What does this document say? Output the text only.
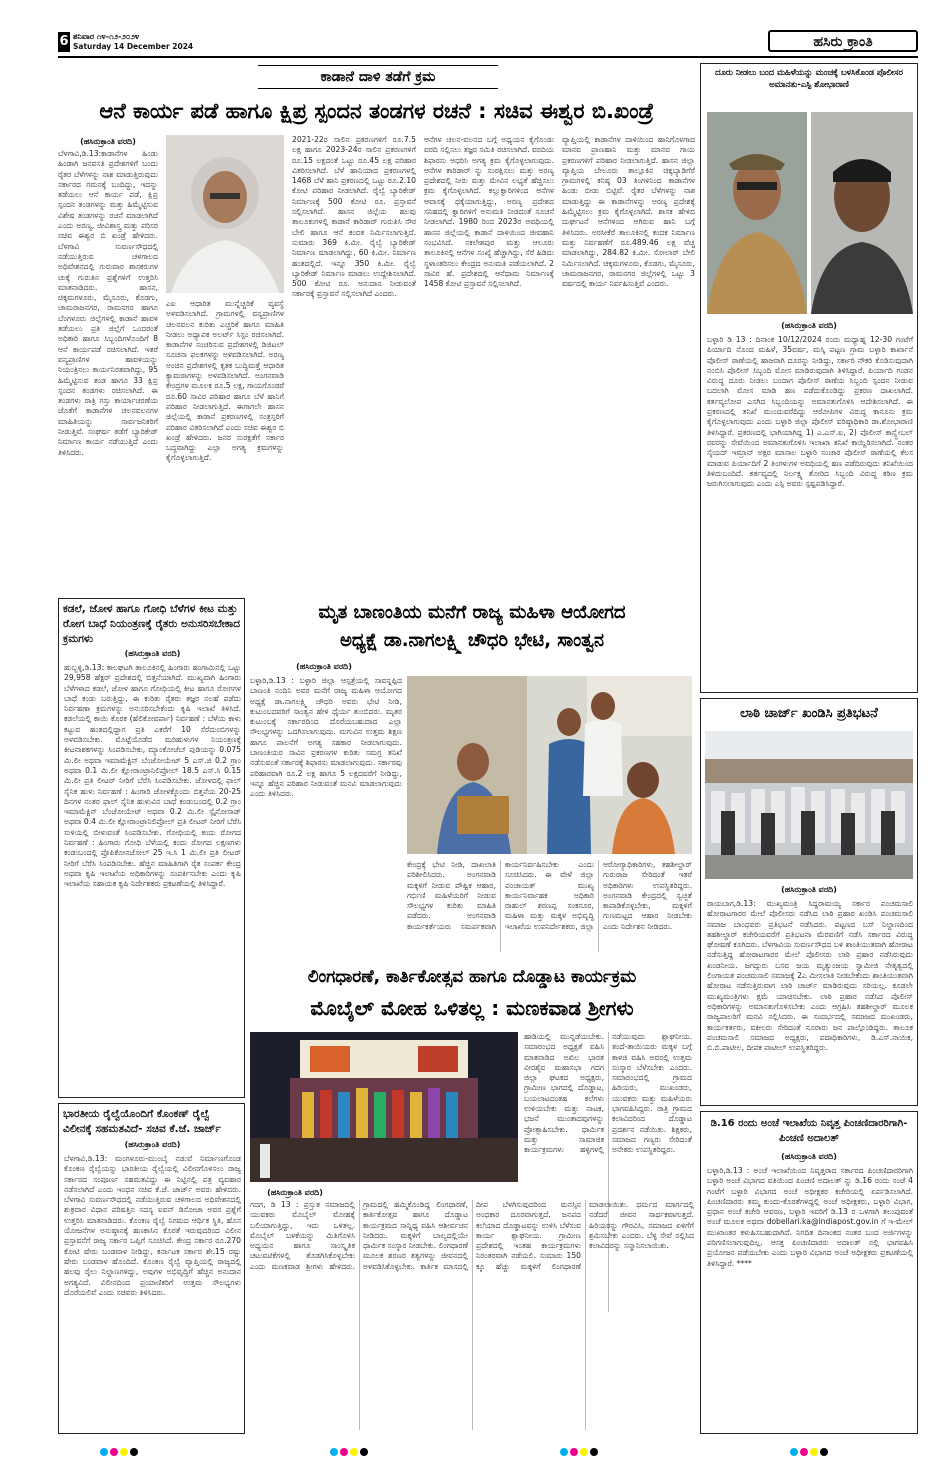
6 ಶನಿವಾರ ೧೪-೧೨-೨೦೨೪
Saturday 14 December 2024	ಹಸಿರು ಕ್ರಾಂತಿ
ಕಾಡಾನೆ ದಾಳಿ ತಡೆಗೆ ಕ್ರಮ
ಆನೆ ಕಾರ್ಯ ಪಡೆ ಹಾಗೂ ಕ್ಷಿಪ್ರ ಸ್ಪಂದನ ತಂಡಗಳ ರಚನೆ : ಸಚಿವ ಈಶ್ವರ ಬಿ.ಖಂಡ್ರೆ
(ಹಸಿರುಕ್ರಾಂತಿ ವರದಿ)
ಬೆಳಗಾವಿ,ಡಿ.13:ಕಾಡಾನೆಗಳ ಹಿಂಡು ಹಿಂಡಾಗಿ ಜನವಸತಿ ಪ್ರದೇಶಗಳಿಗೆ ಬಂದು ರೈತರ ಬೆಳೆಗಳನ್ನು ನಾಶ ಮಾಡುತ್ತಿರುವುದು ಸರ್ಕಾರದ ಗಮನಕ್ಕೆ ಬಂದಿದ್ದು, ಇದನ್ನು ತಡೆಯಲು ಆನೆ ಕಾರ್ಯ ಪಡೆ, ಕ್ಷಿಪ್ರ ಸ್ಪಂದನ ತಂಡಗಳನ್ನು ಮತ್ತು ಹಿಮ್ಮೆಟ್ಟಿಸುವ ವಿಶೇಷ ತಂಡಗಳನ್ನು ರಚನೆ ಮಾಡಲಾಗಿದೆ ಎಂದು ಅರಣ್ಯ, ಜೀವಿಶಾಸ್ತ್ರ ಮತ್ತು ಪರಿಸರ ಸಚಿವ ಈಶ್ವರ ಬಿ ಖಂಡ್ರೆ ಹೇಳಿದರು. ಬೆಳಗಾವಿ ಸುವರ್ಣಸೌಧದಲ್ಲಿ ನಡೆಯುತ್ತಿರುವ ಚಳಿಗಾಲದ ಅಧಿವೇಶನದಲ್ಲಿ ಗುರುವಾರ ಶಾಸಕರುಗಳ ಚುಕ್ಕೆ ಗುರುತಿನ ಪ್ರಶ್ನೆಗಳಿಗೆ ಉತ್ತರಿಸಿ ಮಾತನಾಡಿದರು. ಹಾಸನ, ಚಿಕ್ಕಮಗಳೂರು, ಮೈಸೂರು, ಕೊಡಗು, ಚಾಮರಾಜನಗರ, ರಾಮನಗರ ಹಾಗೂ ಬೆಂಗಳೂರು ಜಿಲ್ಲೆಗಳಲ್ಲಿ ಕಾಡಾನೆ ಹಾವಳಿ ತಡೆಯಲು ಪ್ರತಿ ಜಿಲ್ಲೆಗೆ ಒಂದರಂತೆ ಅಧಿಕಾರಿ ಹಾಗೂ ಸಿಬ್ಬಂದಿಗಳೊಂದಿಗೆ 8 ಆನೆ ಕಾರ್ಯಪಡೆ ರಚಿಸಲಾಗಿದೆ. ಇತರೆ ವನ್ಯಪ್ರಾಣಿಗಳ ಹಾವಳಿಯನ್ನು ನಿಯಂತ್ರಿಸಲು ಕಾರ್ಯನಿರತವಾಗಿದ್ದು, 95 ಹಿಮ್ಮೆಟ್ಟಿಸುವ ತಂಡ ಹಾಗೂ 33 ಕ್ಷಿಪ್ರ ಸ್ಪಂದನ ತಂಡಗಳು ರಚಿಸಲಾಗಿದೆ. ಈ ತಂಡಗಳು ರಾತ್ರಿ ಗಸ್ತು ಕಾರ್ಯಾಚರಣೆಯ ಜೊತೆಗೆ ಕಾಡಾನೆಗಳ ಚಲನವಲನಗಳ ಮಾಹಿತಿಯನ್ನು ಸಾರ್ವಜನಿಕರಿಗೆ ನೀಡುತ್ತಿವೆ. ಸಂಘರ್ಷ ತಡೆಗೆ ಬ್ಯಾರಿಕೇಡ್ ನಿರ್ಮಾಣ ಕಾರ್ಯ ನಡೆಯುತ್ತಿದೆ ಎಂದು ತಿಳಿಸಿದರು.
ಎಐ ಆಧಾರಿತ ಮುನ್ನೆಚ್ಚರಿಕೆ ವ್ಯವಸ್ಥೆ ಅಳವಡಿಸಲಾಗಿದೆ. ಗ್ರಾಮಗಳಲ್ಲಿ ವನ್ಯಪ್ರಾಣಿಗಳ ಚಲನವಲನ ಕುರಿತು ಎಚ್ಚರಿಕೆ ಹಾಗೂ ಮಾಹಿತಿ ನೀಡಲು ಅಧ್ಯಾಪಕ ಅಲರ್ಟ್ ಸಿಸ್ಟಂ ರಚಿಸಲಾಗಿದೆ. ಕಾಡಾನೆಗಳ ಸಂಚರಿಸುವ ಪ್ರದೇಶಗಳಲ್ಲಿ ಡಿಜಿಟಲ್ ಸೂಚನಾ ಫಲಕಗಳನ್ನು ಅಳವಡಿಸಲಾಗಿದೆ. ಅರಣ್ಯ ಅಂಚಿನ ಪ್ರದೇಶಗಳಲ್ಲಿ ಕೃತಕ ಬುದ್ಧಿಮತ್ತೆ ಆಧಾರಿತ ಕ್ಯಾಮರಾಗಳನ್ನು ಅಳವಡಿಸಲಾಗಿದೆ. ಅಂಗನವಾಡಿ ಕೇಂದ್ರಗಳ ಮೂಲಕ ರೂ.5 ಲಕ್ಷ, ಗಾಯಗೊಂಡರೆ ರೂ.60 ಸಾವಿರ ಪರಿಹಾರ ಹಾಗೂ ಬೆಳೆ ಹಾನಿಗೆ ಪರಿಹಾರ ನೀಡಲಾಗುತ್ತಿದೆ. ಈಗಾಗಲೇ ಹಾಸನ ಜಿಲ್ಲೆಯಲ್ಲಿ ಕಾಡಾನೆ ಪ್ರಕರಣಗಳಲ್ಲಿ ಸಂತ್ರಸ್ತರಿಗೆ ಪರಿಹಾರ ವಿತರಿಸಲಾಗಿದೆ ಎಂದು ಸಚಿವ ಈಶ್ವರ ಬಿ ಖಂಡ್ರೆ ಹೇಳಿದರು. ಜನರ ಸುರಕ್ಷತೆಗೆ ಸರ್ಕಾರ ಬದ್ಧವಾಗಿದ್ದು ಎಲ್ಲಾ ಅಗತ್ಯ ಕ್ರಮಗಳನ್ನು ಕೈಗೊಳ್ಳಲಾಗುತ್ತಿದೆ.
2021-22ರ ಸಾಲಿನ ಪ್ರಕರಣಗಳಿಗೆ ರೂ.7.5 ಲಕ್ಷ ಹಾಗೂ 2023-24ರ ಸಾಲಿನ ಪ್ರಕರಣಗಳಿಗೆ ರೂ.15 ಲಕ್ಷದಂತೆ ಒಟ್ಟು ರೂ.45 ಲಕ್ಷ ಪರಿಹಾರ ವಿತರಿಸಲಾಗಿದೆ. ಬೆಳೆ ಹಾನಿಯಾದ ಪ್ರಕರಣಗಳಲ್ಲಿ 1468 ಬೆಳೆ ಹಾನಿ ಪ್ರಕರಣದಲ್ಲಿ ಒಟ್ಟು ರೂ.2.10 ಕೋಟಿ ಪರಿಹಾರ ನೀಡಲಾಗಿದೆ. ರೈಲ್ವೆ ಬ್ಯಾರಿಕೇಡ್ ನಿರ್ಮಾಣಕ್ಕೆ 500 ಕೋಟಿ ರೂ. ಪ್ರಸ್ತಾವನೆ ಸಲ್ಲಿಸಲಾಗಿದೆ. ಹಾಸನ ಜಿಲ್ಲೆಯ ಹಲವು ತಾಲೂಕುಗಳಲ್ಲಿ ಕಾಡಾನೆ ಕಾರಿಡಾರ್ ಗುರುತಿಸಿ ಸೌರ ಬೇಲಿ ಹಾಗೂ ಆನೆ ಕಂದಕ ನಿರ್ಮಿಸಲಾಗುತ್ತಿದೆ. ಸುಮಾರು 369 ಕಿ.ಮೀ. ರೈಲ್ವೆ ಬ್ಯಾರಿಕೇಡ್ ನಿರ್ಮಾಣ ಮಾಡಲಾಗಿದ್ದು, 60 ಕಿ.ಮೀ. ನಿರ್ಮಾಣ ಹಂತದಲ್ಲಿದೆ. ಇನ್ನೂ 350 ಕಿ.ಮೀ. ರೈಲ್ವೆ ಬ್ಯಾರಿಕೇಡ್ ನಿರ್ಮಾಣ ಮಾಡಲು ಉದ್ದೇಶಿಸಲಾಗಿದೆ. 500 ಕೋಟಿ ರೂ. ಅನುದಾನ ನೀಡುವಂತೆ ಸರ್ಕಾರಕ್ಕೆ ಪ್ರಸ್ತಾವನೆ ಸಲ್ಲಿಸಲಾಗಿದೆ ಎಂದರು.
ಆನೆಗಳ ಚಲನ-ವಲನದ ಬಗ್ಗೆ ಅಧ್ಯಯನ ಕೈಗೊಂಡು ವರದಿ ಸಲ್ಲಿಸಲು ತಜ್ಞರ ಸಮಿತಿ ರಚಿಸಲಾಗಿದೆ. ವರದಿಯ ಶಿಫಾರಸು ಆಧರಿಸಿ ಅಗತ್ಯ ಕ್ರಮ ಕೈಗೊಳ್ಳಲಾಗುವುದು. ಆನೆಗಳ ಕಾರಿಡಾರ್ ನ್ನು ಸಂರಕ್ಷಿಸಲು ಮತ್ತು ಅರಣ್ಯ ಪ್ರದೇಶದಲ್ಲಿ ನೀರು ಮತ್ತು ಮೇವಿನ ಲಭ್ಯತೆ ಹೆಚ್ಚಿಸಲು ಕ್ರಮ ಕೈಗೊಳ್ಳಲಾಗಿದೆ. ಕಲ್ಲುಕ್ವಾರಿಗಳಿಂದ ಆನೆಗಳ ಆವಾಸಕ್ಕೆ ಧಕ್ಕೆಯಾಗುತ್ತಿದ್ದು, ಅರಣ್ಯ ಪ್ರದೇಶದ ಸನಿಹದಲ್ಲಿ ಕ್ವಾರಿಗಳಿಗೆ ಅನುಮತಿ ನೀಡದಂತೆ ಸೂಚನೆ ನೀಡಲಾಗಿದೆ. 1980 ರಿಂದ 2023ರ ಅವಧಿಯಲ್ಲಿ ಹಾಸನ ಜಿಲ್ಲೆಯಲ್ಲಿ ಕಾಡಾನೆ ದಾಳಿಯಿಂದ ಜೀವಹಾನಿ ಸಂಭವಿಸಿದೆ. ಸಕಲೇಶಪುರ ಮತ್ತು ಆಲೂರು ತಾಲೂಕಿನಲ್ಲಿ ಆನೆಗಳ ಸಂಖ್ಯೆ ಹೆಚ್ಚಾಗಿದ್ದು, ಸೆರೆ ಹಿಡಿದು ಸ್ಥಳಾಂತರಿಸಲು ಕೇಂದ್ರದ ಅನುಮತಿ ಪಡೆಯಲಾಗಿದೆ. 2 ಸಾವಿರ ಹೆ. ಪ್ರದೇಶದಲ್ಲಿ ಆನೆಧಾಮ ನಿರ್ಮಾಣಕ್ಕೆ 1458 ಕೋಟಿ ಪ್ರಸ್ತಾವನೆ ಸಲ್ಲಿಸಲಾಗಿದೆ.
ವ್ಯಾಪ್ತಿಯಲ್ಲಿ ಕಾಡಾನೆಗಳ ದಾಳಿಯಿಂದ ಹಾನಿಗೊಳಗಾದ ಮಾನವ ಪ್ರಾಣಹಾನಿ ಮತ್ತು ಮಾನವ ಗಾಯ ಪ್ರಕರಣಗಳಿಗೆ ಪರಿಹಾರ ನೀಡಲಾಗುತ್ತಿದೆ. ಹಾಸನ ಜಿಲ್ಲಾ ವ್ಯಾಪ್ತಿಯ ಬೇಲೂರು ತಾಲ್ಲೂಕಿನ ಚಿಕ್ಕಬ್ಯಾಡಿಗೆರೆ ಗ್ರಾಮಗಳಲ್ಲಿ ಕನಿಷ್ಠ 03 ತಿಂಗಳಿನಿಂದ ಕಾಡಾನೆಗಳ ಹಿಂಡು ಬೀಡು ಬಿಟ್ಟಿವೆ. ರೈತರ ಬೆಳೆಗಳನ್ನು ನಾಶ ಮಾಡುತ್ತಿದ್ದು ಈ ಕಾಡಾನೆಗಳನ್ನು ಅರಣ್ಯ ಪ್ರದೇಶಕ್ಕೆ ಹಿಮ್ಮೆಟ್ಟಿಸಲು ಕ್ರಮ ಕೈಗೊಳ್ಳಲಾಗಿದೆ. ಶಾಸಕ ಹೇಳಿದ ದುರ್ಘಟನೆ ಆನೆಗಳಿಂದ ಆಗಿರುವ ಹಾನಿ ಬಗ್ಗೆ ತಿಳಿಸಿದರು. ಅರಸೀಕೆರೆ ತಾಲೂಕಿನಲ್ಲಿ ಕಂದಕ ನಿರ್ಮಾಣ ಮತ್ತು ನಿರ್ವಹಣೆಗೆ ರೂ.489.46 ಲಕ್ಷ ವೆಚ್ಚ ಮಾಡಲಾಗಿದ್ದು, 284.82 ಕಿ.ಮೀ. ಸೋಲಾರ್ ಬೇಲಿ ನಿರ್ಮಿಸಲಾಗಿದೆ. ಚಿಕ್ಕಮಗಳೂರು, ಕೊಡಗು, ಮೈಸೂರು, ಚಾಮರಾಜನಗರ, ರಾಮನಗರ ಜಿಲ್ಲೆಗಳಲ್ಲಿ ಒಟ್ಟು 3 ವರ್ಷದಲ್ಲಿ ಕಾರ್ಯ ನಿರ್ವಹಿಸುತ್ತಿವೆ ಎಂದರು.
ದೂರು ನೀಡಲು ಬಂದ ಮಹಿಳೆಯನ್ನು ಮಂಚಕ್ಕೆ ಬಳಸಿಕೊಂಡ ಪೊಲೀಸರ ಅಮಾನತು-ಎಸ್ಪಿ ಶೋಭಾರಾಣಿ
(ಹಸಿರುಕ್ರಾಂತಿ ವರದಿ)
ಬಳ್ಳಾರಿ ಡಿ 13 : ದಿನಾಂಕ 10/12/2024 ರಂದು ಮಧ್ಯಾಹ್ನ 12-30 ಗಂಟೆಗೆ ಪಿರ್ಯಾದಿ ನೊಂದ ಮಹಿಳೆ, 35ವರ್ಷ, ಮಸ್ಕಿ ಪಟ್ಟಣ ಗ್ರಾಮ ಬಳ್ಳಾರಿ ಕಾರ್ಖಾನೆ ಪೊಲೀಸ್ ಠಾಣೆಯಲ್ಲಿ ಹಾಜರಾಗಿ ದೂರನ್ನು ನೀಡಿದ್ದು, ಸರ್ಕಾರಿ ನೌಕರಿ ಕೊಡಿಸುವುದಾಗಿ ನಂಬಿಸಿ ಪೊಲೀಸ್ ಸಿಬ್ಬಂದಿ ಮೋಸ ಮಾಡಿರುವುದಾಗಿ ತಿಳಿಸಿದ್ದಾರೆ. ಪಿರ್ಯಾದಿ ಗಂಡನ ವಿರುದ್ಧ ದೂರು ನೀಡಲು ಬಂದಾಗ ಪೊಲೀಸ್ ಠಾಣೆಯ ಸಿಬ್ಬಂದಿ ಸ್ಪಂದನ ನೀಡುವ ಬದಲಾಗಿ ಮೋಸ ಮಾಡಿ ಹಣ ಪಡೆದುಕೊಂಡಿದ್ದು ಪ್ರಕರಣ ದಾಖಲಾಗಿದೆ. ಕರ್ತವ್ಯಲೋಪ ಎಸಗಿದ ಸಿಬ್ಬಂದಿಯನ್ನು ಅಮಾನತುಗೊಳಿಸಿ ಆದೇಶಿಸಲಾಗಿದೆ. ಈ ಪ್ರಕರಣದಲ್ಲಿ ತನಿಖೆ ಮುಂದುವರೆದಿದ್ದು ಆರೋಪಿಗಳ ವಿರುದ್ಧ ಕಾನೂನು ಕ್ರಮ ಕೈಗೊಳ್ಳಲಾಗುವುದು ಎಂದು ಬಳ್ಳಾರಿ ಜಿಲ್ಲಾ ಪೊಲೀಸ್ ವರಿಷ್ಠಾಧಿಕಾರಿ ಡಾ.ಶೋಭಾರಾಣಿ ತಿಳಿಸಿದ್ದಾರೆ. ಪ್ರಕರಣದಲ್ಲಿ ಭಾಗಿಯಾಗಿದ್ದ 1) ಎ.ಎಸ್.ಐ, 2) ಪೊಲೀಸ್ ಕಾನ್ಸ್ಟೇಬಲ್ ರವರನ್ನು ಸೇವೆಯಿಂದ ಅಮಾನತುಗೊಳಿಸಿ ಇಲಾಖಾ ತನಿಖೆ ಕಾಯ್ದಿರಿಸಲಾಗಿದೆ. ನಂತರ ಸೈಯದ್ ಇಮ್ರಾನ್ ಅಕ್ಷರ ಮಾಸಾಲ ಬಳ್ಳಾರಿ ಸಂಚಾರ ಪೊಲೀಸ್ ಠಾಣೆಯಲ್ಲಿ ಕೆಲಸ ಮಾಡುವ ಪಿರ್ಯಾದಿಗೆ 2 ತಿಂಗಳುಗಳ ಅವಧಿಯಲ್ಲಿ ಹಣ ಪಡೆದಿರುವುದು ತನಿಖೆಯಿಂದ ತಿಳಿದುಬಂದಿದೆ. ಕರ್ತವ್ಯದಲ್ಲಿ ನಿರ್ಲಕ್ಷ್ಯ ತೋರಿದ ಸಿಬ್ಬಂದಿ ವಿರುದ್ಧ ಕಠಿಣ ಕ್ರಮ ಜರುಗಿಸಲಾಗುವುದು ಎಂದು ಎಸ್ಪಿ ಅವರು ಸ್ಪಷ್ಟಪಡಿಸಿದ್ದಾರೆ.
ಲಾಠಿ ಚಾರ್ಜ್ ಖಂಡಿಸಿ ಪ್ರತಿಭಟನೆ
(ಹಸಿರುಕ್ರಾಂತಿ ವರದಿ)
ರಾಯಬಾಗ,ಡಿ.13: ಮುಖ್ಯಮಂತ್ರಿ ಸಿದ್ದರಾಮಯ್ಯ ಸರ್ಕಾರ ಪಂಚಮಸಾಲಿ ಹೋರಾಟಗಾರರ ಮೇಲೆ ಪೊಲೀಸರು ನಡೆಸಿದ ಲಾಠಿ ಪ್ರಹಾರ ಖಂಡಿಸಿ ಪಂಚಮಸಾಲಿ ಸಮಾಜ ಬಾಂಧವರು ಪ್ರತಿಭಟನೆ ನಡೆಸಿದರು. ಪಟ್ಟಣದ ಬಸ್ ನಿಲ್ದಾಣದಿಂದ ತಹಶೀಲ್ದಾರ್ ಕಚೇರಿಯವರೆಗೆ ಪ್ರತಿಭಟನಾ ಮೆರವಣಿಗೆ ನಡೆಸಿ ಸರ್ಕಾರದ ವಿರುದ್ಧ ಘೋಷಣೆ ಕೂಗಿದರು. ಬೆಳಗಾವಿಯ ಸುವರ್ಣಸೌಧದ ಬಳಿ ಶಾಂತಿಯುತವಾಗಿ ಹೋರಾಟ ನಡೆಸುತ್ತಿದ್ದ ಹೋರಾಟಗಾರರ ಮೇಲೆ ಪೊಲೀಸರು ಲಾಠಿ ಪ್ರಹಾರ ನಡೆಸಿರುವುದು ಖಂಡನೀಯ. ಜಗದ್ಗುರು ಬಸವ ಜಯ ಮೃತ್ಯುಂಜಯ ಸ್ವಾಮೀಜಿ ನೇತೃತ್ವದಲ್ಲಿ ಲಿಂಗಾಯತ ಪಂಚಮಸಾಲಿ ಸಮಾಜಕ್ಕೆ 2ಎ ಮೀಸಲಾತಿ ನೀಡಬೇಕೆಂದು ಶಾಂತಿಯುತವಾಗಿ ಹೋರಾಟ ನಡೆಸುತ್ತಿರುವಾಗ ಲಾಠಿ ಚಾರ್ಜ್ ಮಾಡಿರುವುದು ಸರಿಯಲ್ಲ. ಕೂಡಲೇ ಮುಖ್ಯಮಂತ್ರಿಗಳು ಕ್ಷಮೆ ಯಾಚಿಸಬೇಕು. ಲಾಠಿ ಪ್ರಹಾರ ನಡೆಸಿದ ಪೊಲೀಸ್ ಅಧಿಕಾರಿಗಳನ್ನು ಅಮಾನತುಗೊಳಿಸಬೇಕು ಎಂದು ಆಗ್ರಹಿಸಿ ತಹಶೀಲ್ದಾರ್ ಮೂಲಕ ರಾಜ್ಯಪಾಲರಿಗೆ ಮನವಿ ಸಲ್ಲಿಸಿದರು. ಈ ಸಂದರ್ಭದಲ್ಲಿ ಸಮಾಜದ ಮುಖಂಡರು, ಕಾರ್ಯಕರ್ತರು, ವಕೀಲರು ಸೇರಿದಂತೆ ನೂರಾರು ಜನ ಪಾಲ್ಗೊಂಡಿದ್ದರು. ತಾಲೂಕ ಪಂಚಮಸಾಲಿ ಸಮಾಜದ ಅಧ್ಯಕ್ಷರು, ಪದಾಧಿಕಾರಿಗಳು, ಡಿ.ಎಸ್.ನಾಯಿಕ, ಬಿ.ಬಿ.ಪಾಟೀಲ, ದೀಪಕ ಪಾಟೀಲ್ ಉಪಸ್ಥಿತರಿದ್ದರು.
ಡಿ.16 ರಂದು ಅಂಚೆ ಇಲಾಖೆಯ ನಿವೃತ್ತ ಪಿಂಚಣಿದಾರರಿಗಾಗಿ-ಪಿಂಚಣಿ ಅದಾಲತ್
(ಹಸಿರುಕ್ರಾಂತಿ ವರದಿ)
ಬಳ್ಳಾರಿ,ಡಿ.13 : ಅಂಚೆ ಇಲಾಖೆಯಿಂದ ನಿವೃತ್ತರಾದ ಸರ್ಕಾರದ ಪಿಂಚಣಿದಾರರಿಗಾಗಿ ಬಳ್ಳಾರಿ ಅಂಚೆ ವಿಭಾಗದ ವತಿಯಿಂದ ಪಿಂಚಣಿ ಅದಾಲತ್ ನ್ನು ಡಿ.16 ರಂದು ಸಂಜೆ 4 ಗಂಟೆಗೆ ಬಳ್ಳಾರಿ ವಿಭಾಗದ ಅಂಚೆ ಅಧೀಕ್ಷಕರ ಕಚೇರಿಯಲ್ಲಿ ಏರ್ಪಡಿಸಲಾಗಿದೆ. ಪಿಂಚಣಿದಾರರು ತಮ್ಮ ಕುಂದು-ಕೊರತೆಗಳಿದ್ದಲ್ಲಿ ಅಂಚೆ ಅಧೀಕ್ಷಕರು, ಬಳ್ಳಾರಿ ವಿಭಾಗ, ಪ್ರಧಾನ ಅಂಚೆ ಕಚೇರಿ ಆವರಣ, ಬಳ್ಳಾರಿ ಇವರಿಗೆ ಡಿ.13 ರ ಒಳಗಾಗಿ ತಲುಪುವಂತೆ ಅಂಚೆ ಮೂಲಕ ಅಥವಾ dobellari.ka@indiapost.gov.in ಗೆ ಇ-ಮೇಲ್ ಮುಖಾಂತರ ಕಳುಹಿಸಬಹುದಾಗಿದೆ. ನಿಗದಿತ ದಿನಾಂಕದ ನಂತರ ಬಂದ ಅರ್ಜಿಗಳನ್ನು ಪರಿಗಣಿಸಲಾಗುವುದಿಲ್ಲ. ಆಸಕ್ತ ಪಿಂಚಣಿದಾರರು ಅದಾಲತ್ ನಲ್ಲಿ ಭಾಗವಹಿಸಿ ಪ್ರಯೋಜನ ಪಡೆಯಬೇಕು ಎಂದು ಬಳ್ಳಾರಿ ವಿಭಾಗದ ಅಂಚೆ ಅಧೀಕ್ಷಕರು ಪ್ರಕಟಣೆಯಲ್ಲಿ ತಿಳಿಸಿದ್ದಾರೆ. ****
ಕಡಲೆ, ಜೋಳ ಹಾಗೂ ಗೋಧಿ ಬೆಳೆಗಳ ಕೀಟ ಮತ್ತು ರೋಗ ಬಾಧೆ ನಿಯಂತ್ರಣಕ್ಕೆ ರೈತರು ಅನುಸರಿಸಬೇಕಾದ ಕ್ರಮಗಳು
(ಹಸಿರುಕ್ರಾಂತಿ ವರದಿ)
ಹುಬ್ಬಳ್ಳಿ,ಡಿ.13: ಕಾಲಘಟಗಿ ತಾಲೂಕಿನಲ್ಲಿ ಹಿಂಗಾರು ಹಂಗಾಮಿನಲ್ಲಿ ಒಟ್ಟು 29,958 ಹೆಕ್ಟರ್ ಪ್ರದೇಶದಲ್ಲಿ ಬಿತ್ತನೆಯಾಗಿದೆ. ಮುಖ್ಯವಾಗಿ ಹಿಂಗಾರು ಬೆಳೆಗಳಾದ ಕಡಲೆ, ಜೋಳ ಹಾಗೂ ಗೋಧಿಯಲ್ಲಿ ಕೀಟ ಹಾಗೂ ರೋಗಗಳ ಬಾಧೆ ಕಂಡು ಬರುತ್ತಿದ್ದು, ಈ ಕುರಿತು ರೈತರು ತಜ್ಞರ ಸಲಹೆ ಪಡೆದು ನಿರ್ವಹಣಾ ಕ್ರಮಗಳನ್ನು ಅನುಸರಿಸಬೇಕೆಂದು ಕೃಷಿ ಇಲಾಖೆ ತಿಳಿಸಿದೆ. ಕಡಲೆಯಲ್ಲಿ ಕಾಯಿ ಕೊರಕ (ಹೆಲಿಕೋವರ್ಪಾ) ನಿರ್ವಹಣೆ : ಬೆಳೆಯ ಕಾಳು ಕಟ್ಟುವ ಹಂತದಲ್ಲಿದ್ದಾಗ ಪ್ರತಿ ಎಕರೆಗೆ 10 ಸೆರೆದುಂಬಿಗಳನ್ನು ಅಳವಡಿಸಬೇಕು. ಮೊಟ್ಟೆಯೊಡೆದ ಮರಿಹುಳುಗಳ ನಿಯಂತ್ರಣಕ್ಕೆ ಕೀಟನಾಶಕಗಳನ್ನು ಸಿಂಪಡಿಸಬೇಕು, ಮ್ಯಾಂಕೋಜೆಬ್ ಪುಡಿಯನ್ನು 0.075 ಮಿ.ಲೀ ಅಥವಾ ಇಮಾಮೆಕ್ಟಿನ್ ಬೆಂಜೋಯೇಟ್ 5 ಎಸ್.ಜಿ 0.2 ಗ್ರಾಂ ಅಥವಾ 0.1 ಮಿ.ಲೀ ಕ್ಲೋರಾಂಟ್ರಾನಿಲಿಪ್ರೋಲ್ 18.5 ಎಸ್.ಸಿ 0.15 ಮಿ.ಲೀ ಪ್ರತಿ ಲೀಟರ್ ನೀರಿಗೆ ಬೆರೆಸಿ ಸಿಂಪಡಿಸಬೇಕು. ಜೋಳದಲ್ಲಿ ಫಾಲ್ ಸೈನಿಕ ಹುಳು ನಿರ್ವಹಣೆ : ಹಿಂಗಾರಿ ಜೋಳಕ್ಕೊಂದು ಬಿತ್ತನೆಯ 20-25 ದಿನಗಳ ನಂತರ ಫಾಲ್ ಸೈನಿಕ ಹುಳುವಿನ ಬಾಧೆ ಕಂಡುಬಂದಲ್ಲಿ 0.2 ಗ್ರಾಂ ಇಮಾಮೆಕ್ಟಿನ್ ಬೆಂಜೋಯೇಟ್ ಅಥವಾ 0.2 ಮಿ.ಲೀ ಸ್ಪೈನೋಸಾಡ್ ಅಥವಾ 0.4 ಮಿ.ಲೀ ಕ್ಲೋರಾಂಟ್ರಾನಿಲಿಪ್ರೋಲ್ ಪ್ರತಿ ಲೀಟರ್ ನೀರಿಗೆ ಬೆರೆಸಿ ಸುಳಿಯಲ್ಲಿ ಬೀಳುವಂತೆ ಸಿಂಪಡಿಸಬೇಕು. ಗೋಧಿಯಲ್ಲಿ ಕಂದು ರೋಗದ ನಿರ್ವಹಣೆ : ಹಿಂಗಾರು ಗೋಧಿ ಬೆಳೆಯಲ್ಲಿ ಕಂದು ರೋಗದ ಲಕ್ಷಣಗಳು ಕಂಡುಬಂದಲ್ಲಿ ಪ್ರೊಪಿಕೋನಜೋಲ್ 25 ಇ.ಸಿ 1 ಮಿ.ಲೀ ಪ್ರತಿ ಲೀಟರ್ ನೀರಿಗೆ ಬೆರೆಸಿ ಸಿಂಪಡಿಸಬೇಕು. ಹೆಚ್ಚಿನ ಮಾಹಿತಿಗಾಗಿ ರೈತ ಸಂಪರ್ಕ ಕೇಂದ್ರ ಅಥವಾ ಕೃಷಿ ಇಲಾಖೆಯ ಅಧಿಕಾರಿಗಳನ್ನು ಸಂಪರ್ಕಿಸಬೇಕು ಎಂದು ಕೃಷಿ ಇಲಾಖೆಯ ಸಹಾಯಕ ಕೃಷಿ ನಿರ್ದೇಶಕರು ಪ್ರಕಟಣೆಯಲ್ಲಿ ತಿಳಿಸಿದ್ದಾರೆ.
ಭಾರತೀಯ ರೈಲ್ವೆಯೊಂದಿಗೆ ಕೊಂಕಣ್ ರೈಲ್ವೆ ವಿಲೀನಕ್ಕೆ ಸಹಮತವಿದೆ- ಸಚಿವ ಕೆ.ಜೆ. ಜಾರ್ಜ್
(ಹಸಿರುಕ್ರಾಂತಿ ವರದಿ)
ಬೆಳಗಾವಿ,ಡಿ.13: ಮಂಗಳೂರು-ಮುಂಬೈ ನಡುವೆ ನಿರ್ಮಾಣಗೊಂಡ ಕೊಂಕಣ ರೈಲ್ವೆಯನ್ನು ಭಾರತೀಯ ರೈಲ್ವೆಯಲ್ಲಿ ವಿಲೀನಗೊಳಿಸಲು ರಾಜ್ಯ ಸರ್ಕಾರದ ಸಂಪೂರ್ಣ ಸಹಮತವಿದ್ದು ಈ ನಿಟ್ಟಿನಲ್ಲಿ ಪತ್ರ ವ್ಯವಹಾರ ನಡೆಸಲಾಗಿದೆ ಎಂದು ಇಂಧನ ಸಚಿವ ಕೆ.ಜೆ. ಜಾರ್ಜ್ ಅವರು ಹೇಳಿದರು. ಬೆಳಗಾವಿ ಸುವರ್ಣಸೌಧದಲ್ಲಿ ನಡೆಯುತ್ತಿರುವ ಚಳಿಗಾಲದ ಅಧಿವೇಶನದಲ್ಲಿ ಶುಕ್ರವಾರ ವಿಧಾನ ಪರಿಷತ್ತಿನ ಸದಸ್ಯ ಐವನ್ ಡಿಸೋಜಾ ಅವರ ಪ್ರಶ್ನೆಗೆ ಉತ್ತರಿಸಿ ಮಾತನಾಡಿದರು. ಕೊಂಕಣ ರೈಲ್ವೆ ನಿಗಮದ ಆರ್ಥಿಕ ಸ್ಥಿತಿ, ಹೊಸ ಯೋಜನೆಗಳ ಅನುಷ್ಠಾನಕ್ಕೆ ಹಣಕಾಸಿನ ಕೊರತೆ ಇರುವುದರಿಂದ ವಿಲೀನ ಪ್ರಸ್ತಾವನೆಗೆ ರಾಜ್ಯ ಸರ್ಕಾರ ಒಪ್ಪಿಗೆ ಸೂಚಿಸಿದೆ. ಕೇಂದ್ರ ಸರ್ಕಾರ ರೂ.270 ಕೋಟಿ ಷೇರು ಬಂಡವಾಳ ನೀಡಿದ್ದು, ಕರ್ನಾಟಕ ಸರ್ಕಾರ ಶೇ.15 ರಷ್ಟು ಷೇರು ಬಂಡವಾಳ ಹೊಂದಿದೆ. ಕೊಂಕಣ ರೈಲ್ವೆ ವ್ಯಾಪ್ತಿಯಲ್ಲಿ ರಾಜ್ಯದಲ್ಲಿ ಹಲವು ರೈಲು ನಿಲ್ದಾಣಗಳಿದ್ದು, ಅವುಗಳ ಅಭಿವೃದ್ಧಿಗೆ ಹೆಚ್ಚಿನ ಅನುದಾನ ಅಗತ್ಯವಿದೆ. ವಿಲೀನದಿಂದ ಪ್ರಯಾಣಿಕರಿಗೆ ಉತ್ತಮ ಸೌಲಭ್ಯಗಳು ದೊರೆಯಲಿವೆ ಎಂದು ಸಚಿವರು ತಿಳಿಸಿದರು.
ಮೃತ ಬಾಣಂತಿಯ ಮನೆಗೆ ರಾಜ್ಯ ಮಹಿಳಾ ಆಯೋಗದ
ಅಧ್ಯಕ್ಷೆ ಡಾ.ನಾಗಲಕ್ಷ್ಮಿ ಚೌಧರಿ ಭೇಟಿ, ಸಾಂತ್ವನ
(ಹಸಿರುಕ್ರಾಂತಿ ವರದಿ)
ಬಳ್ಳಾರಿ,ಡಿ.13 : ಬಳ್ಳಾರಿ ಜಿಲ್ಲಾ ಆಸ್ಪತ್ರೆಯಲ್ಲಿ ಸಾವನ್ನಪ್ಪಿದ ಬಾಣಂತಿ ನಂದಿನಿ ಅವರ ಮನೆಗೆ ರಾಜ್ಯ ಮಹಿಳಾ ಆಯೋಗದ ಅಧ್ಯಕ್ಷೆ ಡಾ.ನಾಗಲಕ್ಷ್ಮಿ ಚೌಧರಿ ಅವರು ಭೇಟಿ ನೀಡಿ, ಕುಟುಂಬದವರಿಗೆ ಸಾಂತ್ವನ ಹೇಳಿ ಧೈರ್ಯ ತುಂಬಿದರು. ಮೃತರ ಕುಟುಂಬಕ್ಕೆ ಸರ್ಕಾರದಿಂದ ದೊರೆಯಬಹುದಾದ ಎಲ್ಲಾ ಸೌಲಭ್ಯಗಳನ್ನು ಒದಗಿಸಲಾಗುವುದು. ಮಗುವಿನ ಉತ್ತಮ ಶಿಕ್ಷಣ ಹಾಗೂ ಪಾಲನೆಗೆ ಅಗತ್ಯ ಸಹಕಾರ ನೀಡಲಾಗುವುದು. ಬಾಣಂತಿಯರ ಸಾವಿನ ಪ್ರಕರಣಗಳ ಕುರಿತು ಸಮಗ್ರ ತನಿಖೆ ನಡೆಸುವಂತೆ ಸರ್ಕಾರಕ್ಕೆ ಶಿಫಾರಸು ಮಾಡಲಾಗುವುದು. ಸರ್ಕಾರವು ಪರಿಹಾರವಾಗಿ ರೂ.2 ಲಕ್ಷ ಹಾಗೂ 5 ಲಕ್ಷದವರೆಗೆ ನೀಡಿದ್ದು, ಇನ್ನೂ ಹೆಚ್ಚಿನ ಪರಿಹಾರ ನೀಡುವಂತೆ ಮನವಿ ಮಾಡಲಾಗುವುದು ಎಂದು ತಿಳಿಸಿದರು.
ಕೇಂದ್ರಕ್ಕೆ ಭೇಟಿ ನೀಡಿ, ದಾಖಲಾತಿ ಪರಿಶೀಲಿಸಿದರು. ಅಂಗನವಾಡಿ ಮಕ್ಕಳಿಗೆ ನೀಡುವ ಪೌಷ್ಟಿಕ ಆಹಾರ, ಗರ್ಭಿಣಿ ಮಹಿಳೆಯರಿಗೆ ನೀಡುವ ಸೌಲಭ್ಯಗಳ ಕುರಿತು ಮಾಹಿತಿ ಪಡೆದರು. ಅಂಗನವಾಡಿ ಕಾರ್ಯಕರ್ತೆಯರು ಸಮರ್ಪಕವಾಗಿ ಕಾರ್ಯನಿರ್ವಹಿಸಬೇಕು ಎಂದು ಸೂಚಿಸಿದರು. ಈ ವೇಳೆ ಜಿಲ್ಲಾ ಪಂಚಾಯತ್ ಮುಖ್ಯ ಕಾರ್ಯನಿರ್ವಾಹಕ ಅಧಿಕಾರಿ ರಾಹುಲ್ ಶರಣಪ್ಪ ಸಂಕನೂರ, ಮಹಿಳಾ ಮತ್ತು ಮಕ್ಕಳ ಅಭಿವೃದ್ಧಿ ಇಲಾಖೆಯ ಉಪನಿರ್ದೇಶಕರು, ಜಿಲ್ಲಾ ಆರೋಗ್ಯಾಧಿಕಾರಿಗಳು, ತಹಶೀಲ್ದಾರ್ ಗುರುರಾಜ ಸೇರಿದಂತೆ ಇತರೆ ಅಧಿಕಾರಿಗಳು ಉಪಸ್ಥಿತರಿದ್ದರು. ಅಂಗನವಾಡಿ ಕೇಂದ್ರದಲ್ಲಿ ಸ್ವಚ್ಛತೆ ಕಾಪಾಡಿಕೊಳ್ಳಬೇಕು, ಮಕ್ಕಳಿಗೆ ಗುಣಮಟ್ಟದ ಆಹಾರ ನೀಡಬೇಕು ಎಂದು ನಿರ್ದೇಶನ ನೀಡಿದರು.
ಲಿಂಗಧಾರಣೆ, ಕಾರ್ತಿಕೋತ್ಸವ ಹಾಗೂ ದೊಡ್ಡಾಟ ಕಾರ್ಯಕ್ರಮ
ಮೊಬೈಲ್ ಮೋಹ ಒಳಿತಲ್ಲ : ಮಣಕವಾಡ ಶ್ರೀಗಳು
ಹಾಡಿಯಲ್ಲಿ ಮುನ್ನಡೆಯಬೇಕು. ಸಮಾರಂಭದ ಅಧ್ಯಕ್ಷತೆ ವಹಿಸಿ ಮಾತನಾಡಿದ ಅಖಿಲ ಭಾರತ ವೀರಶೈವ ಮಹಾಸಭಾ ಗದಗ ಜಿಲ್ಲಾ ಘಟಕದ ಅಧ್ಯಕ್ಷರು, ಗ್ರಾಮೀಣ ಭಾಗದಲ್ಲಿ ದೊಡ್ಡಾಟ, ಬಯಲಾಟದಂತಹ ಕಲೆಗಳು ಉಳಿಯಬೇಕು ಮತ್ತು ನಾಟಕ, ಭಜನೆ ಮುಂತಾದವುಗಳನ್ನು ಪ್ರೋತ್ಸಾಹಿಸಬೇಕು. ಧಾರ್ಮಿಕ ಮತ್ತು ಸಾಮಾಜಿಕ ಕಾರ್ಯಕ್ರಮಗಳು ಹಳ್ಳಿಗಳಲ್ಲಿ ನಡೆಯುವುದು ಶ್ಲಾಘನೀಯ. ತಂದೆ-ತಾಯಿಯರು ಮಕ್ಕಳ ಬಗ್ಗೆ ಕಾಳಜಿ ವಹಿಸಿ ಅವರಲ್ಲಿ ಉತ್ತಮ ಸಂಸ್ಕಾರ ಬೆಳೆಸಬೇಕು ಎಂದರು. ಸಮಾರಂಭದಲ್ಲಿ ಗ್ರಾಮದ ಹಿರಿಯರು, ಮುಖಂಡರು, ಯುವಕರು ಮತ್ತು ಮಹಿಳೆಯರು ಭಾಗವಹಿಸಿದ್ದರು. ರಾತ್ರಿ ಗ್ರಾಮದ ಕಲಾವಿದರಿಂದ ದೊಡ್ಡಾಟ ಪ್ರದರ್ಶನ ನಡೆಯಿತು. ಶಿಕ್ಷಕರು, ಸಮಾಜದ ಗಣ್ಯರು ಸೇರಿದಂತೆ ಅನೇಕರು ಉಪಸ್ಥಿತರಿದ್ದರು.
(ಹಸಿರುಕ್ರಾಂತಿ ವರದಿ)
ಗದಗ, ಡಿ 13 : ಪ್ರಸ್ತುತ ಸಮಾಜದಲ್ಲಿ ಯುವಕರು ಮೊಬೈಲ್ ಮೋಹಕ್ಕೆ ಬಲಿಯಾಗುತ್ತಿದ್ದು, ಇದು ಒಳಿತಲ್ಲ. ಮೊಬೈಲ್ ಬಳಕೆಯನ್ನು ಮಿತಿಗೊಳಿಸಿ ಅಧ್ಯಯನ ಹಾಗೂ ಸಾಂಸ್ಕೃತಿಕ ಚಟುವಟಿಕೆಗಳಲ್ಲಿ ತೊಡಗಿಸಿಕೊಳ್ಳಬೇಕು ಎಂದು ಮಣಕವಾಡ ಶ್ರೀಗಳು ಹೇಳಿದರು. ಗ್ರಾಮದಲ್ಲಿ ಹಮ್ಮಿಕೊಂಡಿದ್ದ ಲಿಂಗಧಾರಣೆ, ಕಾರ್ತಿಕೋತ್ಸವ ಹಾಗೂ ದೊಡ್ಡಾಟ ಕಾರ್ಯಕ್ರಮದ ಸಾನ್ನಿಧ್ಯ ವಹಿಸಿ ಆಶೀರ್ವಚನ ನೀಡಿದರು. ಮಕ್ಕಳಿಗೆ ಬಾಲ್ಯದಲ್ಲಿಯೇ ಧಾರ್ಮಿಕ ಸಂಸ್ಕಾರ ನೀಡಬೇಕು. ಲಿಂಗಧಾರಣೆ ಮೂಲಕ ಶರಣರ ತತ್ವಗಳನ್ನು ಜೀವನದಲ್ಲಿ ಅಳವಡಿಸಿಕೊಳ್ಳಬೇಕು. ಕಾರ್ತಿಕ ಮಾಸದಲ್ಲಿ ದೀಪ ಬೆಳಗಿಸುವುದರಿಂದ ಮನಸ್ಸಿನ ಅಂಧಕಾರ ದೂರವಾಗುತ್ತದೆ. ಜನಪದ ಕಲೆಯಾದ ದೊಡ್ಡಾಟವನ್ನು ಉಳಿಸಿ ಬೆಳೆಸುವ ಕಾರ್ಯ ಶ್ಲಾಘನೀಯ. ಗ್ರಾಮೀಣ ಪ್ರದೇಶದಲ್ಲಿ ಇಂತಹ ಕಾರ್ಯಕ್ರಮಗಳು ನಿರಂತರವಾಗಿ ನಡೆಯಲಿ. ಸುಮಾರು 150 ಕ್ಕೂ ಹೆಚ್ಚು ಮಕ್ಕಳಿಗೆ ಲಿಂಗಧಾರಣೆ ಮಾಡಲಾಯಿತು. ಧರ್ಮದ ಮಾರ್ಗದಲ್ಲಿ ನಡೆದರೆ ಜೀವನ ಸಾರ್ಥಕವಾಗುತ್ತದೆ. ಹಿರಿಯರನ್ನು ಗೌರವಿಸಿ, ಸಮಾಜದ ಏಳಿಗೆಗೆ ಶ್ರಮಿಸಬೇಕು ಎಂದರು. ಬೆಳ್ಳಿ ಸೇವೆ ಸಲ್ಲಿಸಿದ ಕಲಾವಿದರನ್ನು ಸನ್ಮಾನಿಸಲಾಯಿತು.
